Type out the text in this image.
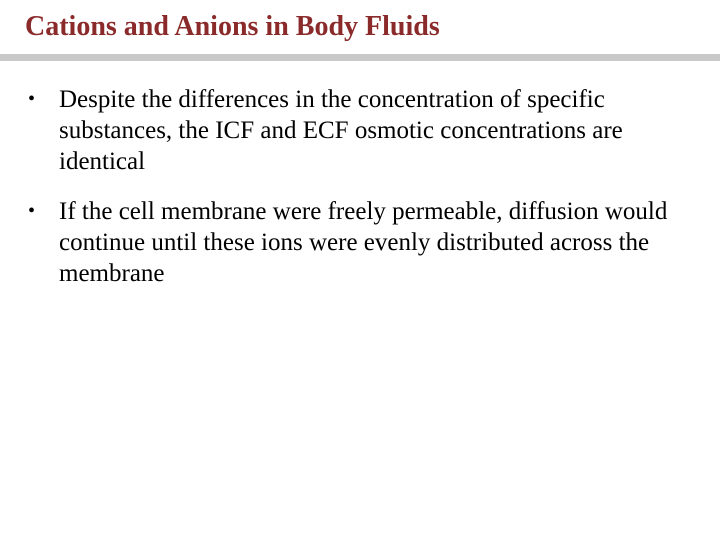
Cations and Anions in Body Fluids
• Despite the differences in the concentration of specific substances, the ICF and ECF osmotic concentrations are identical
• If the cell membrane were freely permeable, diffusion would continue until these ions were evenly distributed across the membrane
